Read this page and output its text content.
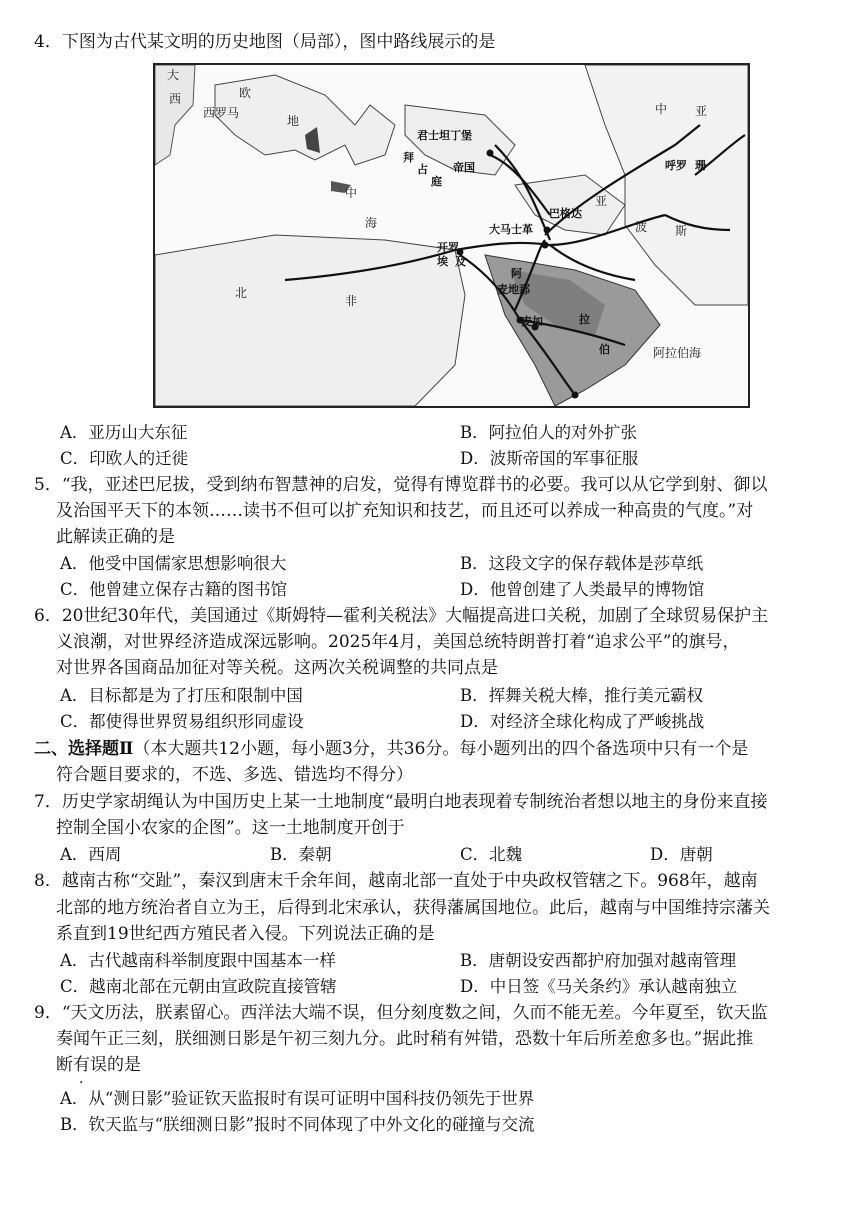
4．下图为古代某文明的历史地图（局部），图中路线展示的是
大
西	欧
西罗马
地
中
海
君士坦丁堡
拜
占
庭
帝国
大马士革
巴格达
亚
开罗
埃 及
北
非
阿
拉
伯
麦地那
麦加
中 亚
呼罗 珊
波 斯
阿拉伯海
A．亚历山大东征	B．阿拉伯人的对外扩张
C．印欧人的迁徙	D．波斯帝国的军事征服
5．“我，亚述巴尼拔，受到纳布智慧神的启发，觉得有博览群书的必要。我可以从它学到射、御以
及治国平天下的本领……读书不但可以扩充知识和技艺，而且还可以养成一种高贵的气度。”对
此解读正确的是
A．他受中国儒家思想影响很大	B．这段文字的保存载体是莎草纸
C．他曾建立保存古籍的图书馆	D．他曾创建了人类最早的博物馆
6．20世纪30年代，美国通过《斯姆特—霍利关税法》大幅提高进口关税，加剧了全球贸易保护主
义浪潮，对世界经济造成深远影响。2025年4月，美国总统特朗普打着“追求公平”的旗号，
对世界各国商品加征对等关税。这两次关税调整的共同点是
A．目标都是为了打压和限制中国	B．挥舞关税大棒，推行美元霸权
C．都使得世界贸易组织形同虚设	D．对经济全球化构成了严峻挑战
二、选择题Ⅱ（本大题共12小题，每小题3分，共36分。每小题列出的四个备选项中只有一个是
符合题目要求的，不选、多选、错选均不得分）
7．历史学家胡绳认为中国历史上某一土地制度“最明白地表现着专制统治者想以地主的身份来直接
控制全国小农家的企图”。这一土地制度开创于
A．西周	B．秦朝	C．北魏	D．唐朝
8．越南古称“交趾”，秦汉到唐末千余年间，越南北部一直处于中央政权管辖之下。968年，越南
北部的地方统治者自立为王，后得到北宋承认，获得藩属国地位。此后，越南与中国维持宗藩关
系直到19世纪西方殖民者入侵。下列说法正确的是
A．古代越南科举制度跟中国基本一样	B．唐朝设安西都护府加强对越南管理
C．越南北部在元朝由宣政院直接管辖	D．中日签《马关条约》承认越南独立
9．“天文历法，朕素留心。西洋法大端不误，但分刻度数之间，久而不能无差。今年夏至，钦天监
奏闻午正三刻，朕细测日影是午初三刻九分。此时稍有舛错，恐数十年后所差愈多也。”据此推
断有误的是
A．从“测日影”验证钦天监报时有误可证明中国科技仍领先于世界
B．钦天监与“朕细测日影”报时不同体现了中外文化的碰撞与交流
